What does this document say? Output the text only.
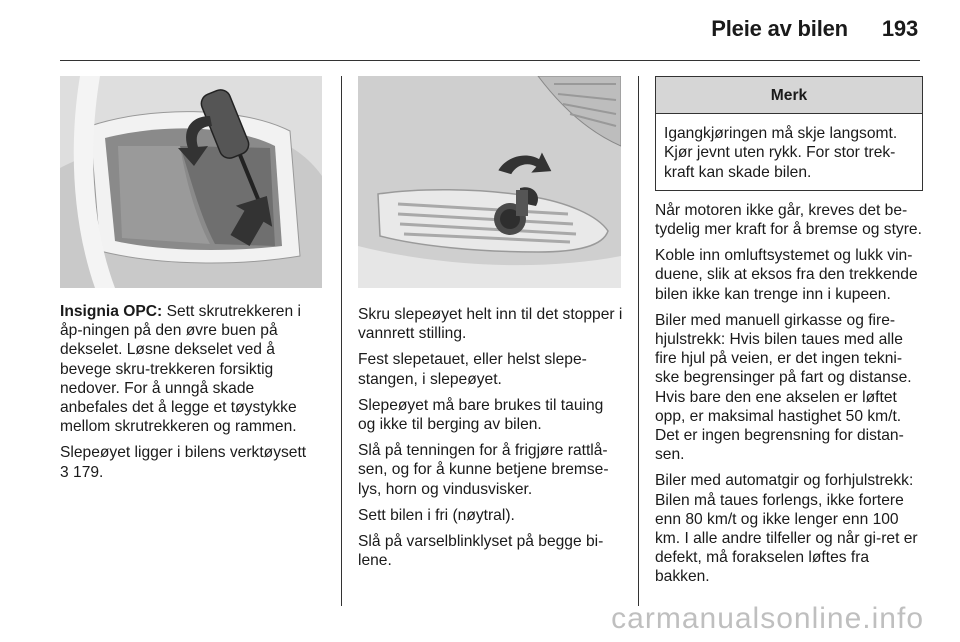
Pleie av bilen 193

Insignia OPC: Sett skrutrekkeren i åp-ningen på den øvre buen på dekselet. Løsne dekselet ved å bevege skru-trekkeren forsiktig nedover. For å unngå skade anbefales det å legge et tøystykke mellom skrutrekkeren og rammen.

Slepeøyet ligger i bilens verktøysett
3 179.

Skru slepeøyet helt inn til det stopper i vannrett stilling.

Fest slepetauet, eller helst slepe-stangen, i slepeøyet.

Slepeøyet må bare brukes til tauing og ikke til berging av bilen.

Slå på tenningen for å frigjøre rattlå-sen, og for å kunne betjene bremse-lys, horn og vindusvisker.

Sett bilen i fri (nøytral).

Slå på varselblinklyset på begge bi-lene.

Merk
Igangkjøringen må skje langsomt. Kjør jevnt uten rykk. For stor trek-kraft kan skade bilen.

Når motoren ikke går, kreves det be-tydelig mer kraft for å bremse og styre.

Koble inn omluftsystemet og lukk vin-duene, slik at eksos fra den trekkende bilen ikke kan trenge inn i kupeen.

Biler med manuell girkasse og fire-hjulstrekk: Hvis bilen taues med alle fire hjul på veien, er det ingen tekni-ske begrensinger på fart og distanse. Hvis bare den ene akselen er løftet opp, er maksimal hastighet 50 km/t. Det er ingen begrensning for distan-sen.

Biler med automatgir og forhjulstrekk: Bilen må taues forlengs, ikke fortere enn 80 km/t og ikke lenger enn 100 km. I alle andre tilfeller og når gi-ret er defekt, må forakselen løftes fra bakken.

carmanualsonline.info
